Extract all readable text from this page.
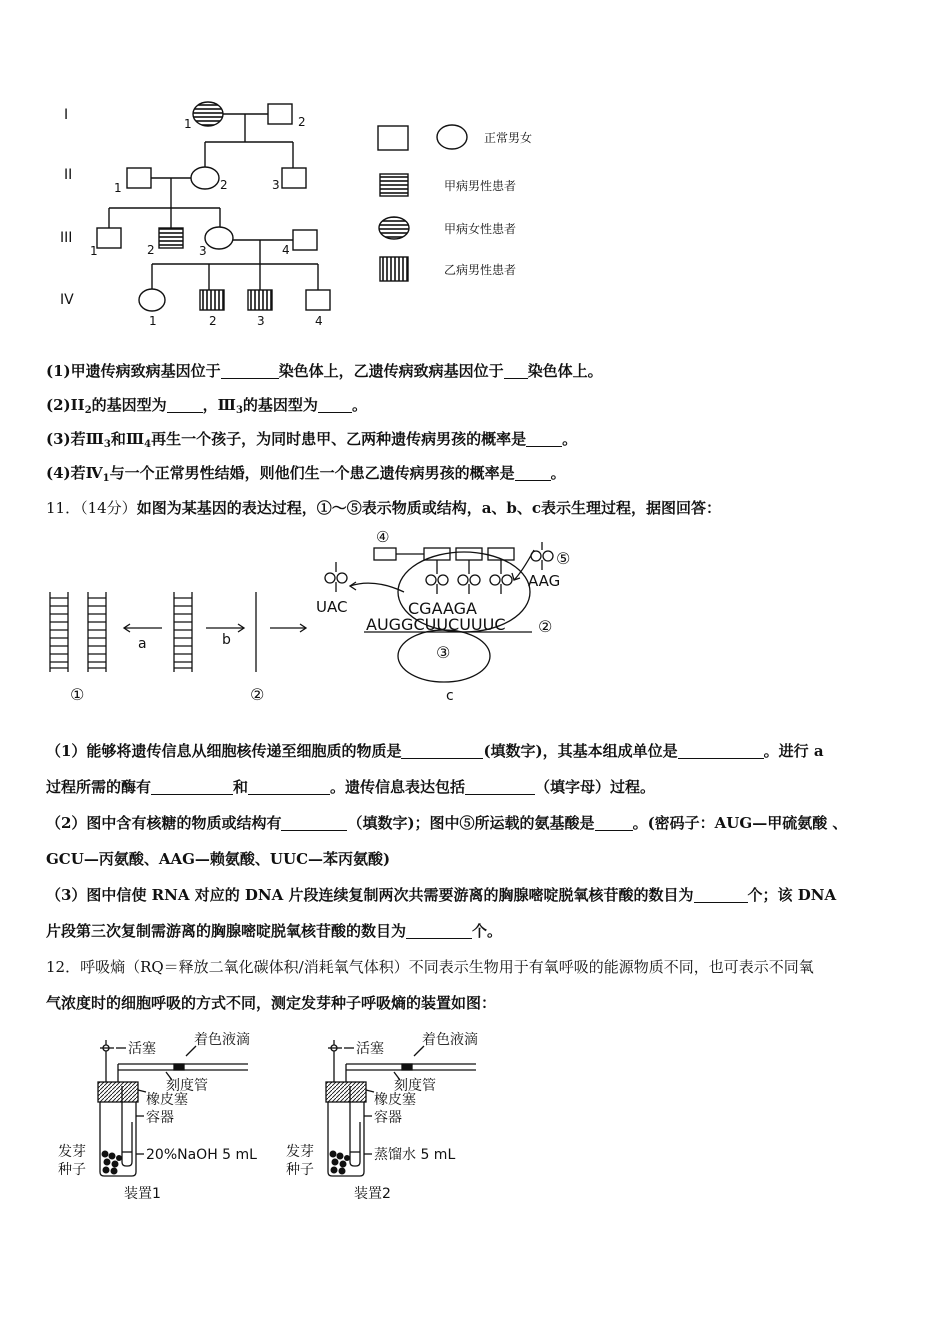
I
II
III
IV
1	2
1	2	3
1	2	3	4
1	2	3	4
正常男女
甲病男性患者
甲病女性患者
乙病男性患者
(1)甲遗传病致病基因位于	染色体上，乙遗传病致病基因位于 染色体上。
$(2)II_2$的基因型为 ，$Ⅲ_3$的基因型为 。
(3)若$Ⅲ_3$和$Ⅲ_4$再生一个孩子，为同时患甲、乙两种遗传病男孩的概率是 。
(4)若$Ⅳ_1$与一个正常男性结婚，则他们生一个患乙遗传病男孩的概率是 。
11．（14分）如图为某基因的表达过程，①～⑤表示物质或结构，a、b、c表示生理过程，据图回答：
①	②
a	b
④
⑤
UAC
AAG
CGAAGA
AUGGCUUCUUUC ②
③
c
（1）能够将遗传信息从细胞核传递至细胞质的物质是	(填数字)，其基本组成单位是	。进行 a
过程所需的酶有	和	。遗传信息表达包括	（填字母）过程。
（2）图中含有核糖的物质或结构有	（填数字)；图中⑤所运载的氨基酸是	。(密码子：AUG—甲硫氨酸 、
GCU—丙氨酸、AAG—赖氨酸、UUC—苯丙氨酸)
（3）图中信使 RNA 对应的 DNA 片段连续复制两次共需要游离的胸腺嘧啶脱氧核苷酸的数目为	个；该 DNA
片段第三次复制需游离的胸腺嘧啶脱氧核苷酸的数目为	个。
12．呼吸熵（RQ＝释放二氧化碳体积/消耗氧气体积）不同表示生物用于有氧呼吸的能源物质不同，也可表示不同氧
气浓度时的细胞呼吸的方式不同，测定发芽种子呼吸熵的装置如图：
活塞
着色液滴
刻度管
橡皮塞
容器
发芽
种子
20%NaOH 5 mL
装置1
活塞
着色液滴
刻度管
橡皮塞
容器
发芽
种子
蒸馏水 5 mL
装置2
